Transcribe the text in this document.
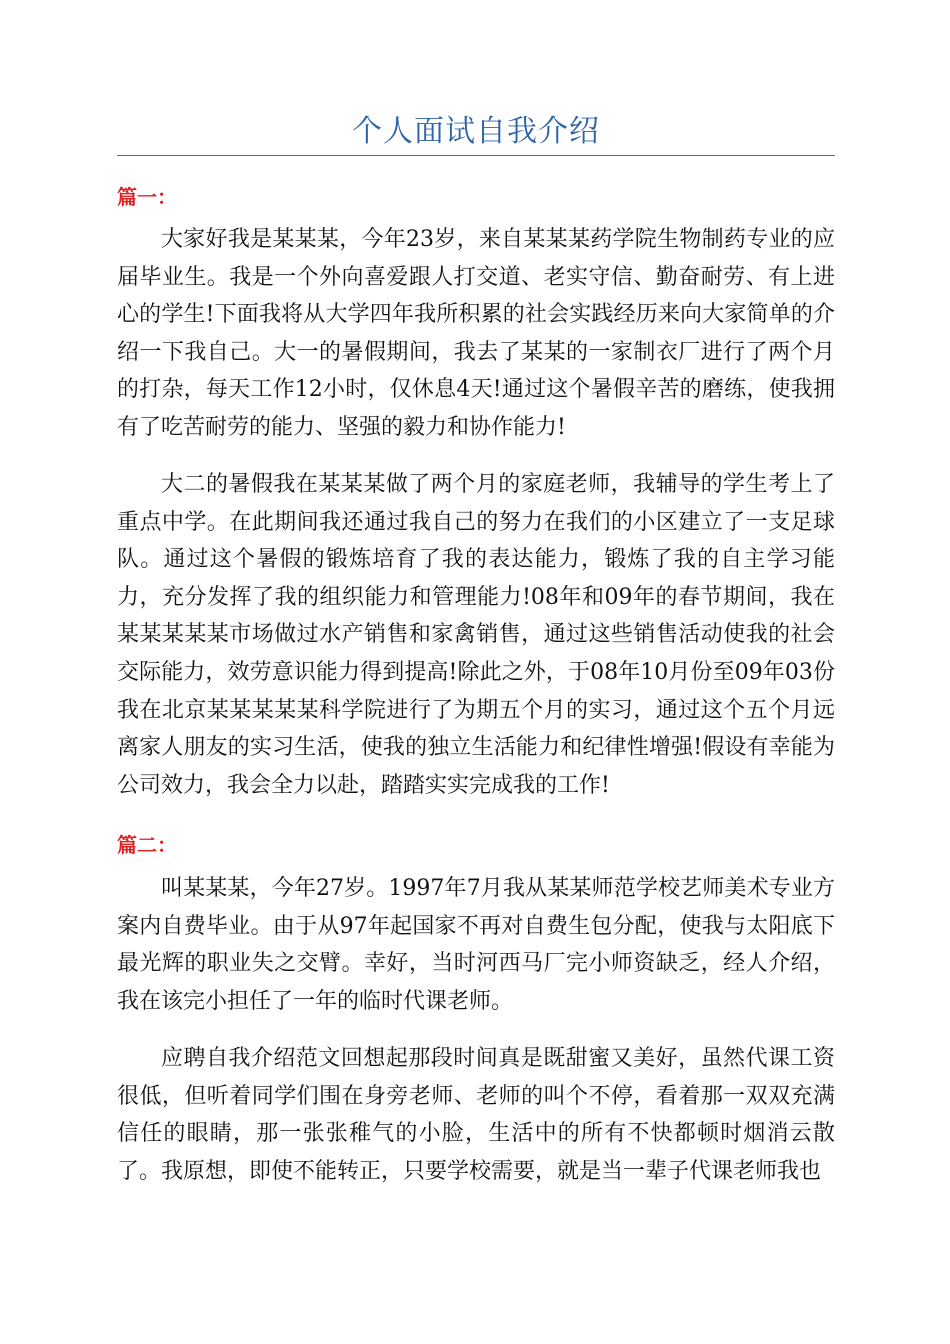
个人面试自我介绍
篇一：

大家好我是某某某，今年23岁，来自某某某药学院生物制药专业的应届毕业生。我是一个外向喜爱跟人打交道、老实守信、勤奋耐劳、有上进心的学生!下面我将从大学四年我所积累的社会实践经历来向大家简单的介绍一下我自己。大一的暑假期间，我去了某某的一家制衣厂进行了两个月的打杂，每天工作12小时，仅休息4天!通过这个暑假辛苦的磨练，使我拥有了吃苦耐劳的能力、坚强的毅力和协作能力!

大二的暑假我在某某某做了两个月的家庭老师，我辅导的学生考上了重点中学。在此期间我还通过我自己的努力在我们的小区建立了一支足球队。通过这个暑假的锻炼培育了我的表达能力，锻炼了我的自主学习能力，充分发挥了我的组织能力和管理能力!08年和09年的春节期间，我在某某某某某市场做过水产销售和家禽销售，通过这些销售活动使我的社会交际能力，效劳意识能力得到提高!除此之外，于08年10月份至09年03份我在北京某某某某某科学院进行了为期五个月的实习，通过这个五个月远离家人朋友的实习生活，使我的独立生活能力和纪律性增强!假设有幸能为公司效力，我会全力以赴，踏踏实实完成我的工作!

篇二：

叫某某某，今年27岁。1997年7月我从某某师范学校艺师美术专业方案内自费毕业。由于从97年起国家不再对自费生包分配，使我与太阳底下最光辉的职业失之交臂。幸好，当时河西马厂完小师资缺乏，经人介绍，我在该完小担任了一年的临时代课老师。

应聘自我介绍范文回想起那段时间真是既甜蜜又美好，虽然代课工资很低，但听着同学们围在身旁老师、老师的叫个不停，看着那一双双充满信任的眼睛，那一张张稚气的小脸，生活中的所有不快都顿时烟消云散了。我原想，即使不能转正，只要学校需要，就是当一辈子代课老师我也
